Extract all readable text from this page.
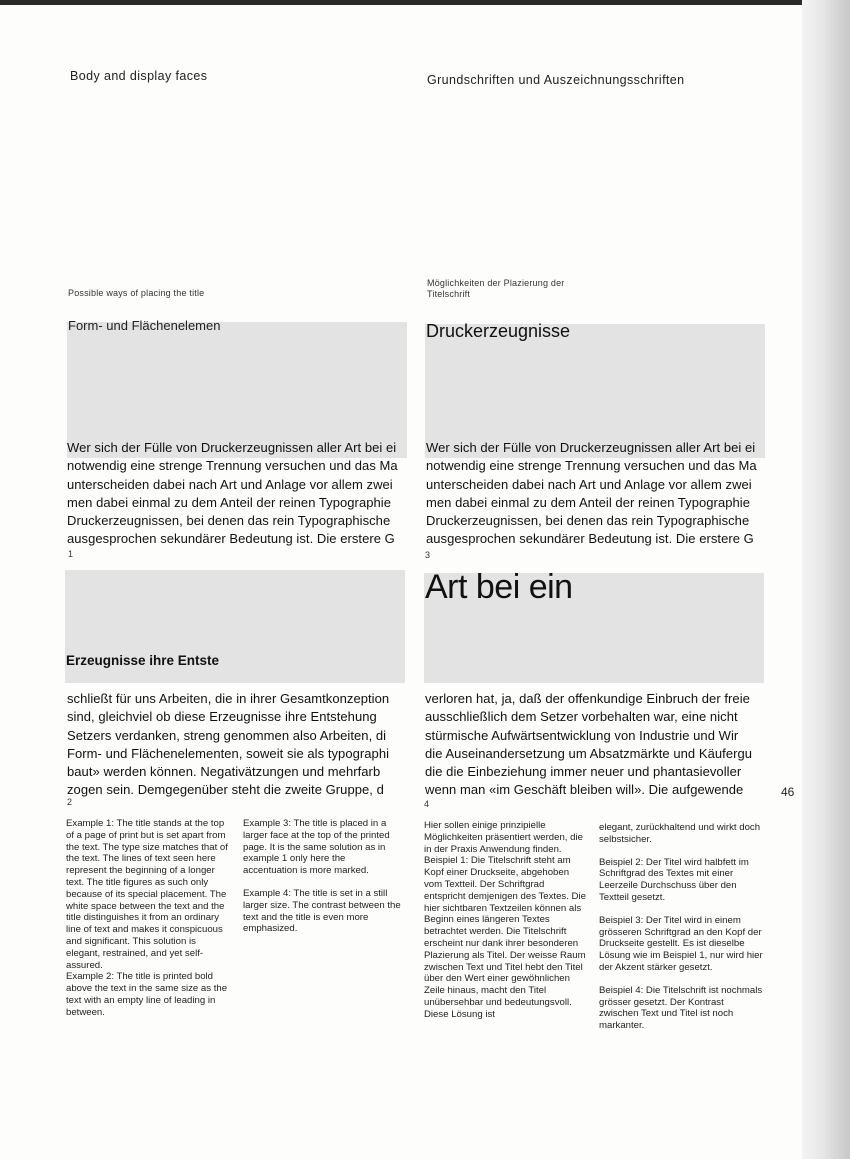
Body and display faces	Grundschriften und Auszeichnungsschriften
Possible ways of placing the title
Möglichkeiten der Plazierung der
Titelschrift
Form- und Flächenelemen
Wer sich der Fülle von Druckerzeugnissen aller Art bei ei
notwendig eine strenge Trennung versuchen und das Ma
unterscheiden dabei nach Art und Anlage vor allem zwei
men dabei einmal zu dem Anteil der reinen Typographie
Druckerzeugnissen, bei denen das rein Typographische
ausgesprochen sekundärer Bedeutung ist. Die erstere G
1
Erzeugnisse ihre Entste
schließt für uns Arbeiten, die in ihrer Gesamtkonzeption
sind, gleichviel ob diese Erzeugnisse ihre Entstehung
Setzers verdanken, streng genommen also Arbeiten, di
Form- und Flächenelementen, soweit sie als typographi
baut» werden können. Negativätzungen und mehrfarb
zogen sein. Demgegenüber steht die zweite Gruppe, d
2
Druckerzeugnisse
Wer sich der Fülle von Druckerzeugnissen aller Art bei ei
notwendig eine strenge Trennung versuchen und das Ma
unterscheiden dabei nach Art und Anlage vor allem zwei
men dabei einmal zu dem Anteil der reinen Typographie
Druckerzeugnissen, bei denen das rein Typographische
ausgesprochen sekundärer Bedeutung ist. Die erstere G
3
Art bei ein
verloren hat, ja, daß der offenkundige Einbruch der freie
ausschließlich dem Setzer vorbehalten war, eine nicht
stürmische Aufwärtsentwicklung von Industrie und Wir
die Auseinandersetzung um Absatzmärkte und Käufergu
die die Einbeziehung immer neuer und phantasievoller
wenn man «im Geschäft bleiben will». Die aufgewende
4
46

Example 1: The title stands at the top of a page of print but is set apart from the text. The type size matches that of the text. The lines of text seen here represent the beginning of a longer text. The title figures as such only because of its special placement. The white space between the text and the title distinguishes it from an ordinary line of text and makes it conspicuous and significant. This solution is elegant, restrained, and yet self-assured.

Example 2: The title is printed bold above the text in the same size as the text with an empty line of leading in between.

Example 3: The title is placed in a larger face at the top of the printed page. It is the same solution as in example 1 only here the accentuation is more marked.

Example 4: The title is set in a still larger size. The contrast between the text and the title is even more emphasized.

Hier sollen einige prinzipielle Möglichkeiten präsentiert werden, die in der Praxis Anwendung finden.

Beispiel 1: Die Titelschrift steht am Kopf einer Druckseite, abgehoben vom Textteil. Der Schriftgrad entspricht demjenigen des Textes. Die hier sichtbaren Textzeilen können als Beginn eines längeren Textes betrachtet werden. Die Titelschrift erscheint nur dank ihrer besonderen Plazierung als Titel. Der weisse Raum zwischen Text und Titel hebt den Titel über den Wert einer gewöhnlichen Zeile hinaus, macht den Titel unübersehbar und bedeutungsvoll. Diese Lösung ist

elegant, zurückhaltend und wirkt doch selbstsicher.

Beispiel 2: Der Titel wird halbfett im Schriftgrad des Textes mit einer Leerzeile Durchschuss über den Textteil gesetzt.

Beispiel 3: Der Titel wird in einem grösseren Schriftgrad an den Kopf der Druckseite gestellt. Es ist dieselbe Lösung wie im Beispiel 1, nur wird hier der Akzent stärker gesetzt.

Beispiel 4: Die Titelschrift ist nochmals grösser gesetzt. Der Kontrast zwischen Text und Titel ist noch markanter.
